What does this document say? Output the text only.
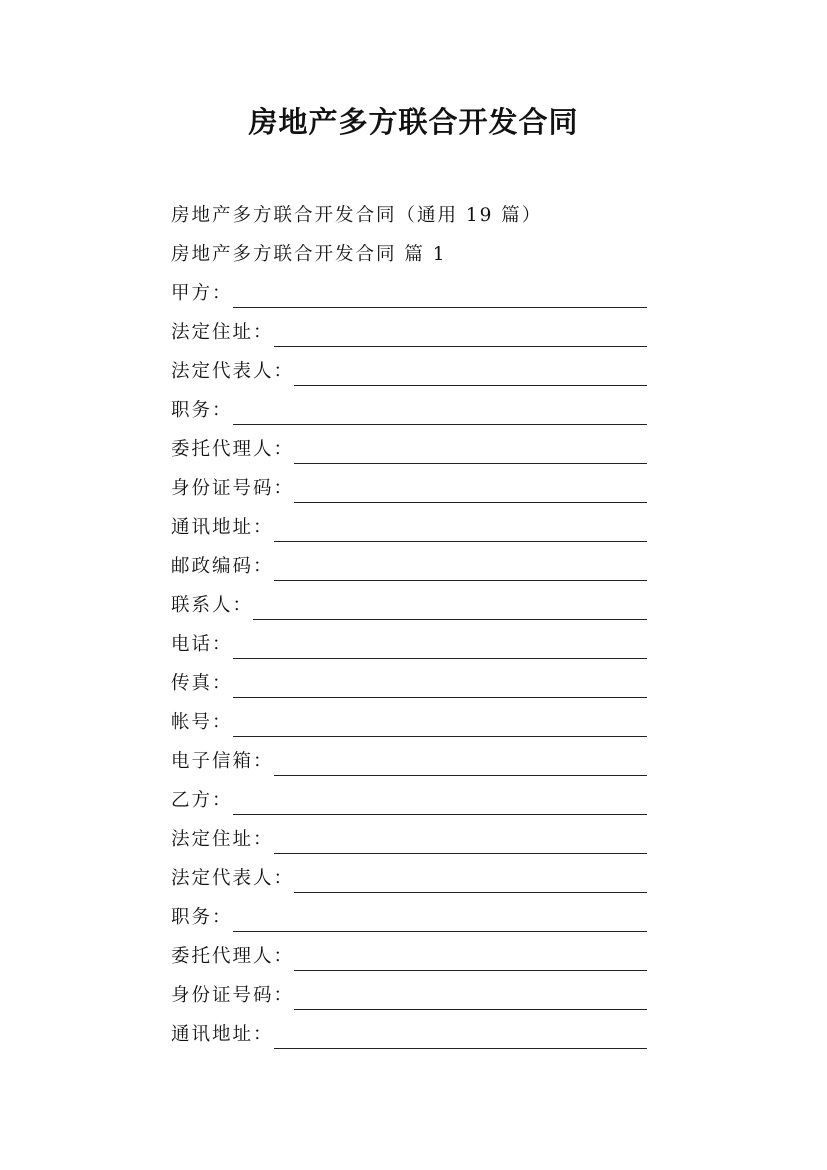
房地产多方联合开发合同
房地产多方联合开发合同（通用 19 篇）
房地产多方联合开发合同 篇 1
甲方：
法定住址：
法定代表人：
职务：
委托代理人：
身份证号码：
通讯地址：
邮政编码：
联系人：
电话：
传真：
帐号：
电子信箱：
乙方：
法定住址：
法定代表人：
职务：
委托代理人：
身份证号码：
通讯地址：
